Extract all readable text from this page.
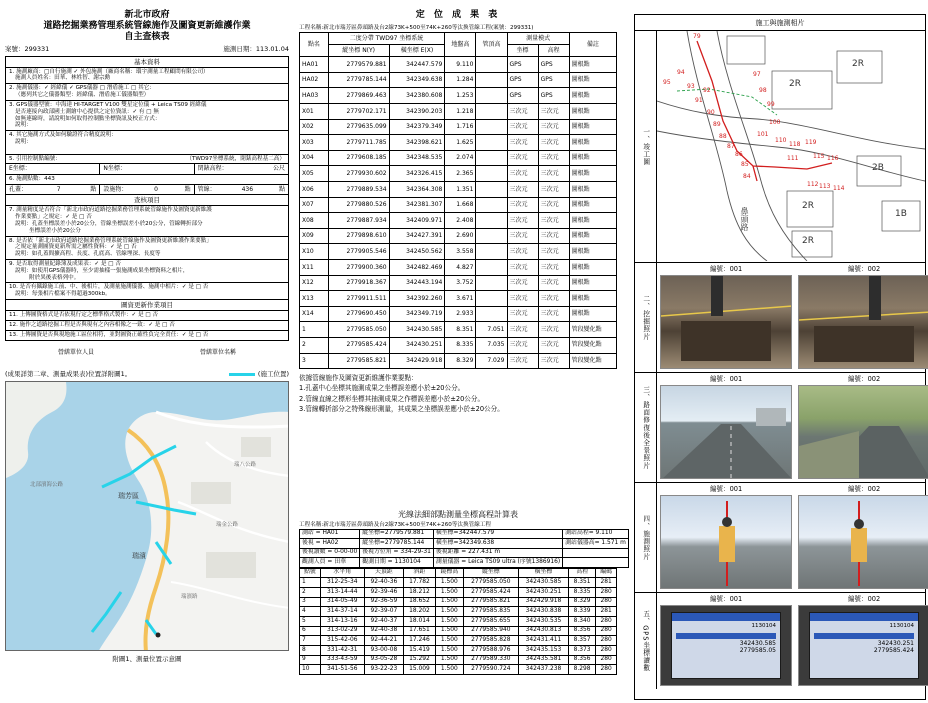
新北市政府
道路挖掘業務管理系統管線施作及圖資更新維護作業
自主查核表
案號：299331	施測日期：113.01.04
基本資料
1. 施測廠商：□自行施測 ✓ 外包施測（廠商名稱：環宇測量工程顧問有限公司）
施測人員姓名：田華、林姓智、謝宗勳
2. 施測儀器：✓ 經緯儀 ✓ GPS儀器 □ 潛盾施工 □ 其它：
（應列其它之儀器類型：經緯儀、潛盾施工儀器類型）
3. GPS儀器型號：中海達 HI-TARGET V100 雙星定位儀 + Leica TS09 經緯儀
是否連接內政部國土測繪中心提供之定位資訊：✓ 有 □ 無
如無連線時，請說明如何取得控制點坐標資訊及校正方式：
說明：
4. 其它施測方式及如何驗證符合精度說明：
說明：

5. 引用控制點編號：	（TWD97坐標系統，閉錶高程基二高）
E坐標：	N坐標：	閉錶高程：	公尺
6. 施測點數：443
孔蓋：	7	點 設施物：	0	點 管線：	436	點
查核項目
7. 測量精度是否符合「新北市政府道路挖掘業務管理系統管線施作及圖資更新維護
作業要點」之規定：✓ 是 □ 否
說明：孔蓋坐標誤差小於20公分，管線坐標誤差小於20公分，管線轉折部分
坐標誤差小於20公分
8. 是否依「新北市政府道路挖掘業務管理系統管線施作及圖資更新維護作業要點」
之規定量測圖資更新所需之屬性資料：✓ 是 □ 否
說明：如孔蓋間擴高程、長度、孔底高、管線埋深、長度等
9. 是否取得測量紀錄簿及成果表：✓ 是 □ 否
說明：如使用GPS儀器時，至少需抽樣一張施測成果坐標資料之相片，
附於異後表格列中。
10. 是否有攝錄施工前、中、後相片，及測量施測儀器、施測中相片：✓ 是 □ 否
說明：每張相片檔案不得超過300kb。
圖資更新作業項目
11. 上傳圖資格式是否依現行定之標準格式製作：✓ 是 □ 否
12. 施作之道路挖掘工程是否與現有之內容相像之一致：✓ 是 □ 否
13. 上傳圖資是否與現地施工區位相符，並對圖資正確性負完全責任：✓ 是 □ 否
營繕單位人員	營繕單位名稱
(成果詳第二章、測量成果表)位置詳附圖1。	(施工位置)
瑞芳區
瑞濱
北部濱海公路
瑞濱路
瑞金公路
瑞八公路
附圖1、測量位置示意圖
定 位 成 果 表
工程名稱:新北市瑞芳區鼻頭路及台2線73K+500至74K+260等汰換管線工程(案號：299331)
點名	二度分帶 TWD97 坐標系統		地盤高	管頂高	測量模式		備註
	縱坐標 N(Y)	橫坐標 E(X)			坐標	高程	
HA01	2779579.881	342447.579	9.110		GPS	GPS	圖根點
HA02	2779785.144	342349.638	1.284		GPS	GPS	圖根點
HA03	2779869.463	342380.608	1.253		GPS	GPS	圖根點
X01	2779702.171	342390.203	1.218		三次元	三次元	圖根點
X02	2779635.099	342379.349	1.716		三次元	三次元	圖根點
X03	2779711.785	342398.621	1.625		三次元	三次元	圖根點
X04	2779608.185	342348.535	2.074		三次元	三次元	圖根點
X05	2779930.602	342326.415	2.365		三次元	三次元	圖根點
X06	2779889.534	342364.308	1.351		三次元	三次元	圖根點
X07	2779880.526	342381.307	1.668		三次元	三次元	圖根點
X08	2779887.934	342409.971	2.408		三次元	三次元	圖根點
X09	2779898.610	342427.391	2.690		三次元	三次元	圖根點
X10	2779905.546	342450.562	3.558		三次元	三次元	圖根點
X11	2779900.360	342482.469	4.827		三次元	三次元	圖根點
X12	2779918.367	342443.194	3.752		三次元	三次元	圖根點
X13	2779911.511	342392.260	3.671		三次元	三次元	圖根點
X14	2779690.450	342349.719	2.933		三次元	三次元	圖根點
1	2779585.050	342430.585	8.351	7.051	三次元	三次元	管段變化點
2	2779585.424	342430.251	8.335	7.035	三次元	三次元	管段變化點
3	2779585.821	342429.918	8.329	7.029	三次元	三次元	管段變化點
依據管線施作及圖資更新維護作業要點：
1.孔蓋中心坐標其施測成果之坐標誤差應小於±20公分。
2.管線直線之標形坐標其抽測成果之作標誤差應小於±20公分。
3.管線轉折部分之特殊線形測量，其成果之坐標誤差應小於±20公分。
光線法細部點測量坐標高程計算表
工程名稱:新北市瑞芳區鼻頭路及台2線73K+500至74K+260等汰換管線工程
測站 = HA01	縱坐標=2779579.881	橫坐標=342447.579	測站高程= 9.110
後視 = HA02	縱坐標=2779785.144	橫坐標=342349.638	測站儀器高= 1.571 m
後視讀數 = 0-00-00	後視方位角 = 334-29-31	後視距離 = 227.431 m	
觀測人員 = 田華	觀測日期 = 1130104	測量儀器 = Leica TS09 ultra (序號1386916)	
點號	水平角	天頂距	斜距	鏡標高	縱坐標	橫坐標	高程	編碼
1	312-25-34	92-40-36	17.782	1.500	2779585.050	342430.585	8.351	281
2	313-14-44	92-39-46	18.212	1.500	2779585.424	342430.251	8.335	280
3	314-05-49	92-36-59	18.652	1.500	2779585.821	342429.918	8.329	280
4	314-37-14	92-39-07	18.202	1.500	2779585.835	342430.838	8.339	281
5	314-13-16	92-40-37	18.014	1.500	2779585.655	342430.535	8.340	280
6	313-02-29	92-40-38	17.651	1.500	2779585.940	342430.813	8.356	280
7	315-42-06	92-44-21	17.246	1.500	2779585.828	342431.411	8.357	280
8	331-42-31	93-00-08	15.419	1.500	2779588.976	342435.153	8.373	280
9	333-43-59	93-05-28	15.292	1.500	2779589.330	342435.581	8.356	280
10	341-51-56	93-22-23	15.009	1.500	2779590.724	342437.238	8.298	280
施工與施測相片
一、竣工圖
79
94
95
93
92
91
90
89
88
87
86
85
84
97
98
99
100
101
110
118 119
115 116
111
112 113 114
2R
2R
2R
2R
2B
1B
鼻頭路
二、挖掘照片
編號：001	編號：002
三、路面修復後全景照片
編號：001	編號：002
四、施測照片
編號：001	編號：002
五、GPS坐標讀數
編號：001
1130104
342430.585
2779585.05
編號：002
1130104
342430.251
2779585.424
